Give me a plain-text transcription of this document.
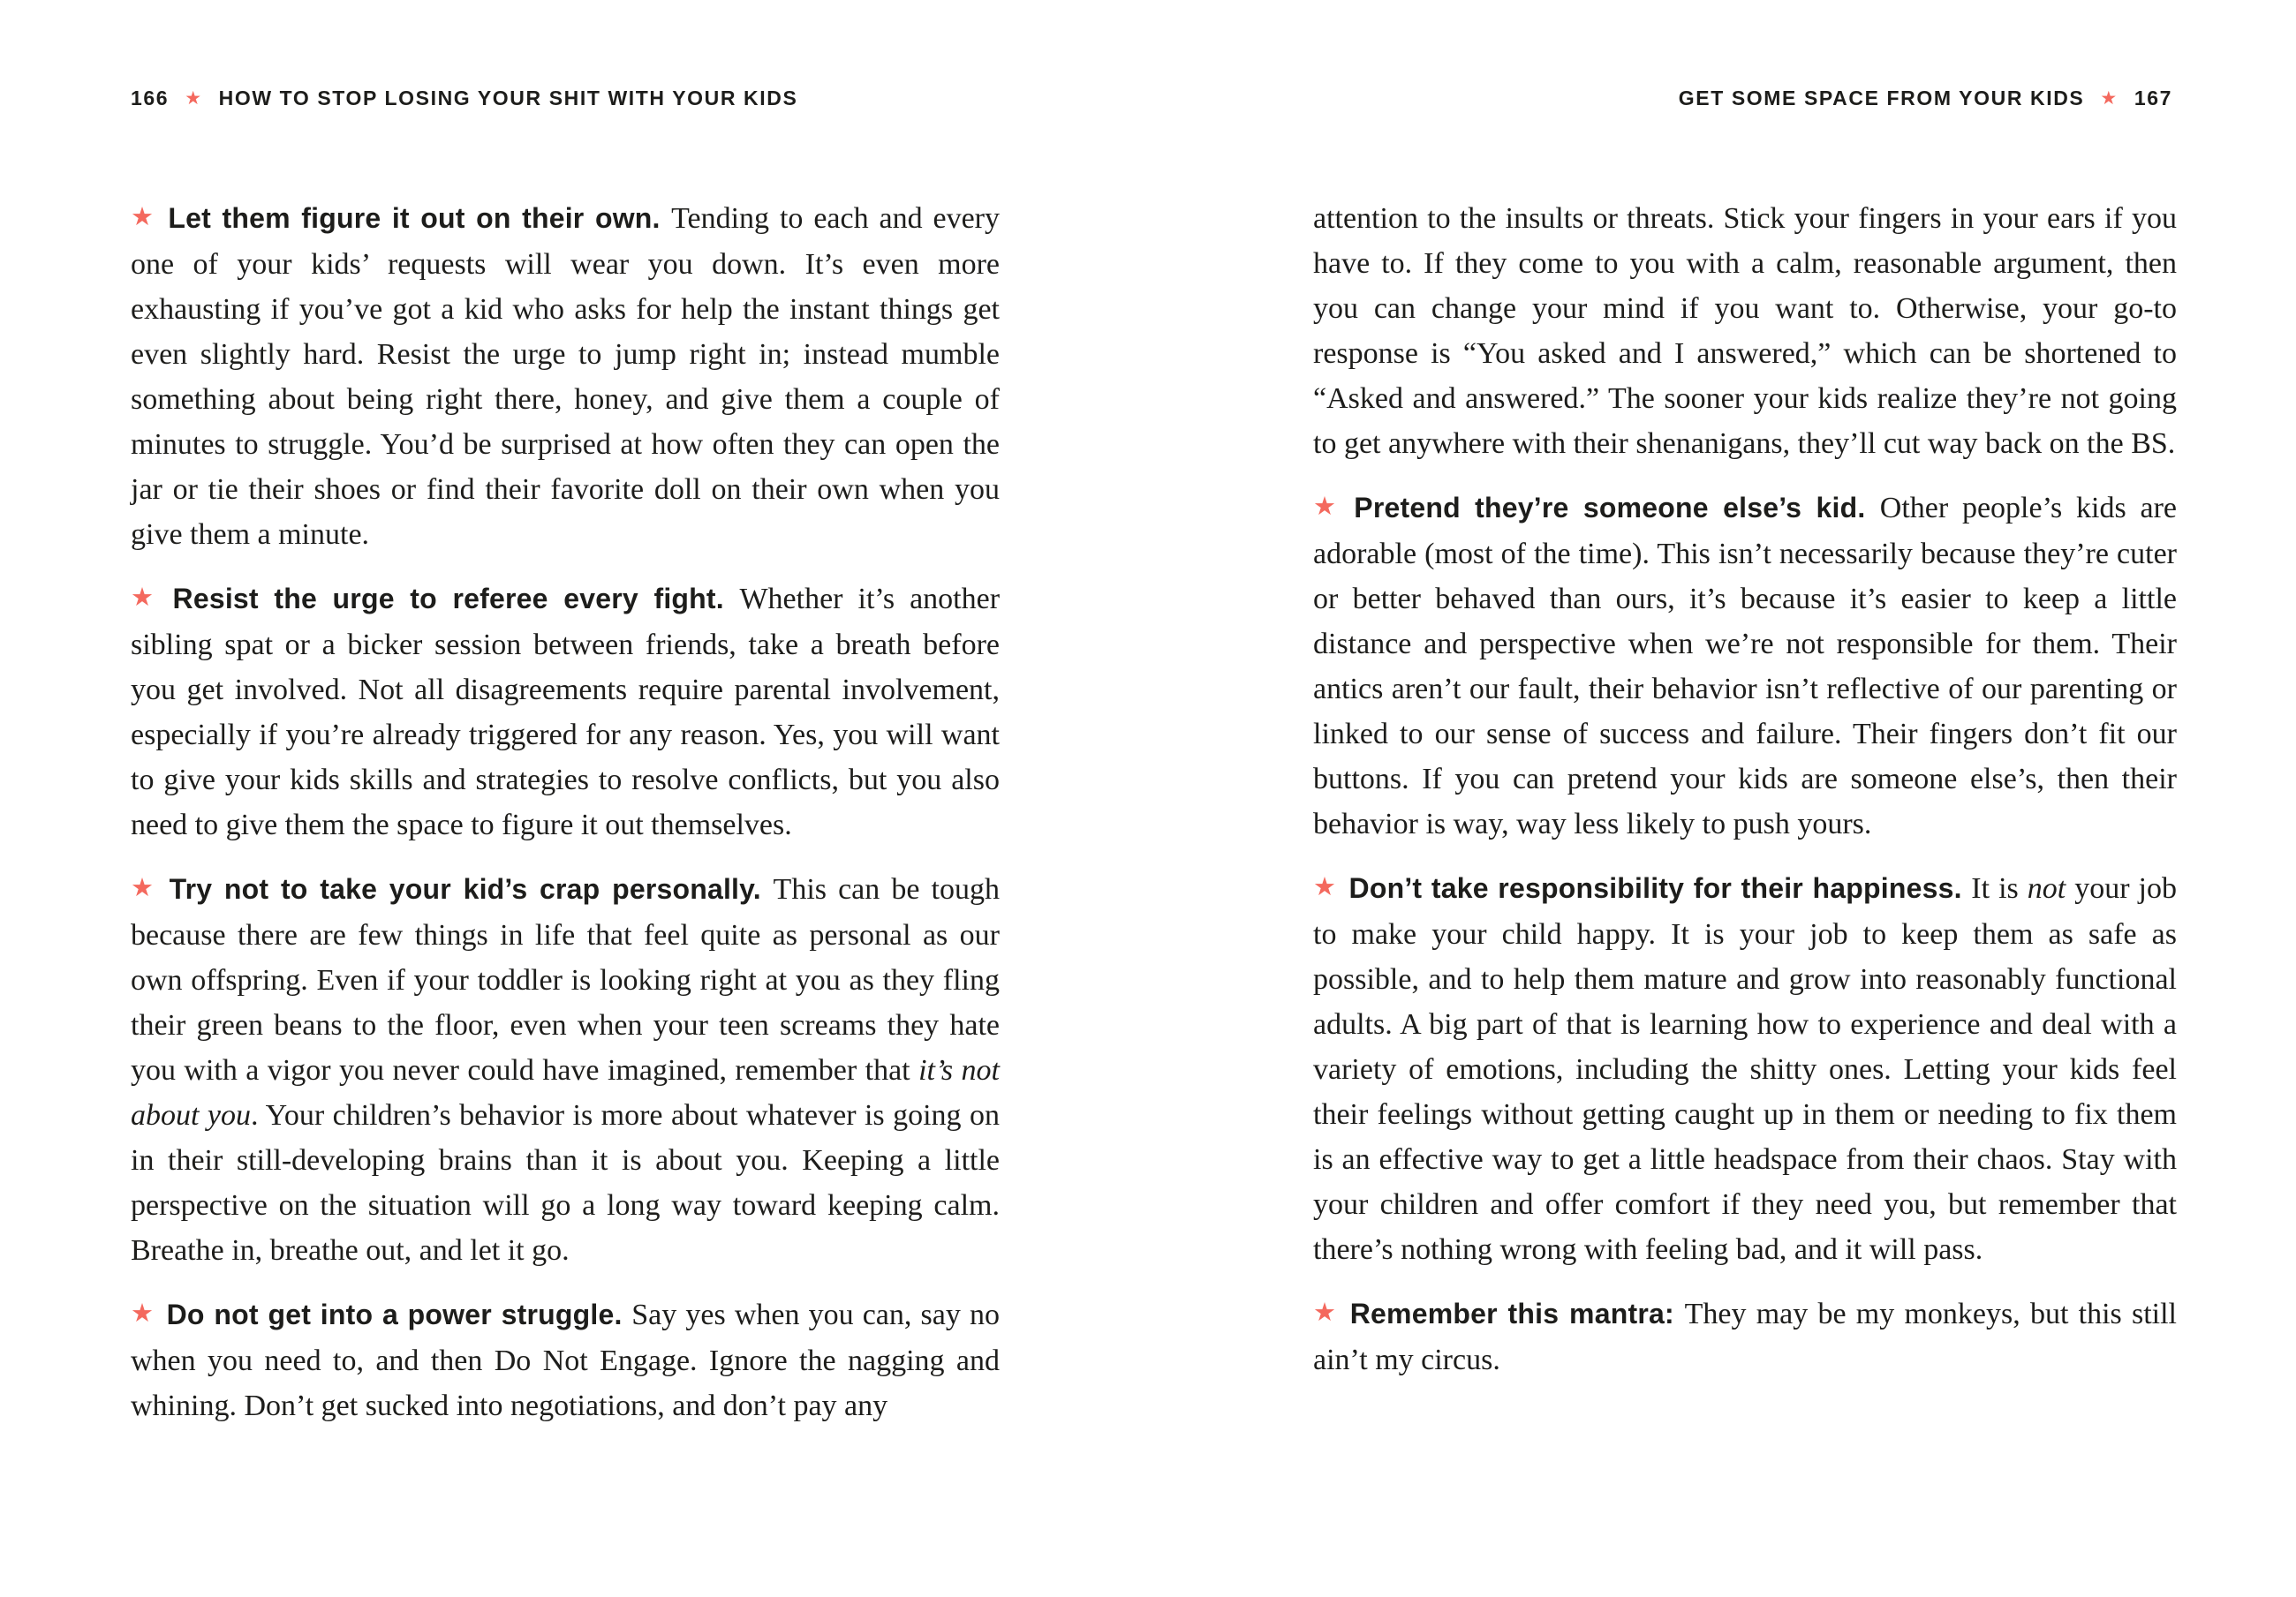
166 ★ HOW TO STOP LOSING YOUR SHIT WITH YOUR KIDS	GET SOME SPACE FROM YOUR KIDS ★ 167

★ Let them figure it out on their own. Tending to each and every one of your kids’ requests will wear you down. It’s even more exhausting if you’ve got a kid who asks for help the instant things get even slightly hard. Resist the urge to jump right in; instead mumble something about being right there, honey, and give them a couple of minutes to struggle. You’d be surprised at how often they can open the jar or tie their shoes or find their favorite doll on their own when you give them a minute.

★ Resist the urge to referee every fight. Whether it’s another sibling spat or a bicker session between friends, take a breath before you get involved. Not all disagreements require parental involvement, especially if you’re already triggered for any reason. Yes, you will want to give your kids skills and strategies to resolve conflicts, but you also need to give them the space to figure it out themselves.

★ Try not to take your kid’s crap personally. This can be tough because there are few things in life that feel quite as personal as our own offspring. Even if your toddler is looking right at you as they fling their green beans to the floor, even when your teen screams they hate you with a vigor you never could have imagined, remember that it’s not about you. Your children’s behavior is more about whatever is going on in their still-developing brains than it is about you. Keeping a little perspective on the situation will go a long way toward keeping calm. Breathe in, breathe out, and let it go.

★ Do not get into a power struggle. Say yes when you can, say no when you need to, and then Do Not Engage. Ignore the nagging and whining. Don’t get sucked into negotiations, and don’t pay any

attention to the insults or threats. Stick your fingers in your ears if you have to. If they come to you with a calm, reasonable argument, then you can change your mind if you want to. Otherwise, your go-to response is “You asked and I answered,” which can be shortened to “Asked and answered.” The sooner your kids realize they’re not going to get anywhere with their shenanigans, they’ll cut way back on the BS.

★ Pretend they’re someone else’s kid. Other people’s kids are adorable (most of the time). This isn’t necessarily because they’re cuter or better behaved than ours, it’s because it’s easier to keep a little distance and perspective when we’re not responsible for them. Their antics aren’t our fault, their behavior isn’t reflective of our parenting or linked to our sense of success and failure. Their fingers don’t fit our buttons. If you can pretend your kids are someone else’s, then their behavior is way, way less likely to push yours.

★ Don’t take responsibility for their happiness. It is not your job to make your child happy. It is your job to keep them as safe as possible, and to help them mature and grow into reasonably functional adults. A big part of that is learning how to experience and deal with a variety of emotions, including the shitty ones. Letting your kids feel their feelings without getting caught up in them or needing to fix them is an effective way to get a little headspace from their chaos. Stay with your children and offer comfort if they need you, but remember that there’s nothing wrong with feeling bad, and it will pass.

★ Remember this mantra: They may be my monkeys, but this still ain’t my circus.
